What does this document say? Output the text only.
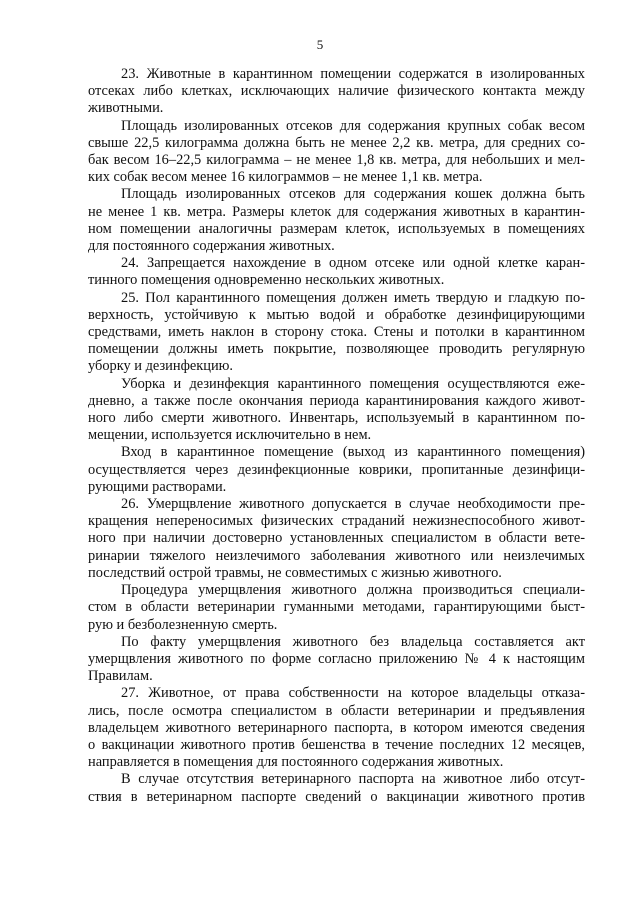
5

23. Животные в карантинном помещении содержатся в изолированных
отсеках либо клетках, исключающих наличие физического контакта между
животными.

Площадь изолированных отсеков для содержания крупных собак весом
свыше 22,5 килограмма должна быть не менее 2,2 кв. метра, для средних со-
бак весом 16–22,5 килограмма – не менее 1,8 кв. метра, для небольших и мел-
ких собак весом менее 16 килограммов – не менее 1,1 кв. метра.

Площадь изолированных отсеков для содержания кошек должна быть
не менее 1 кв. метра. Размеры клеток для содержания животных в карантин-
ном помещении аналогичны размерам клеток, используемых в помещениях
для постоянного содержания животных.

24. Запрещается нахождение в одном отсеке или одной клетке каран-
тинного помещения одновременно нескольких животных.

25. Пол карантинного помещения должен иметь твердую и гладкую по-
верхность, устойчивую к мытью водой и обработке дезинфицирующими
средствами, иметь наклон в сторону стока. Стены и потолки в карантинном
помещении должны иметь покрытие, позволяющее проводить регулярную
уборку и дезинфекцию.

Уборка и дезинфекция карантинного помещения осуществляются еже-
дневно, а также после окончания периода карантинирования каждого живот-
ного либо смерти животного. Инвентарь, используемый в карантинном по-
мещении, используется исключительно в нем.

Вход в карантинное помещение (выход из карантинного помещения)
осуществляется через дезинфекционные коврики, пропитанные дезинфици-
рующими растворами.

26. Умерщвление животного допускается в случае необходимости пре-
кращения непереносимых физических страданий нежизнеспособного живот-
ного при наличии достоверно установленных специалистом в области вете-
ринарии тяжелого неизлечимого заболевания животного или неизлечимых
последствий острой травмы, не совместимых с жизнью животного.

Процедура умерщвления животного должна производиться специали-
стом в области ветеринарии гуманными методами, гарантирующими быст-
рую и безболезненную смерть.

По факту умерщвления животного без владельца составляется акт
умерщвления животного по форме согласно приложению № 4 к настоящим
Правилам.

27. Животное, от права собственности на которое владельцы отказа-
лись, после осмотра специалистом в области ветеринарии и предъявления
владельцем животного ветеринарного паспорта, в котором имеются сведения
о вакцинации животного против бешенства в течение последних 12 месяцев,
направляется в помещения для постоянного содержания животных.

В случае отсутствия ветеринарного паспорта на животное либо отсут-
ствия в ветеринарном паспорте сведений о вакцинации животного против
